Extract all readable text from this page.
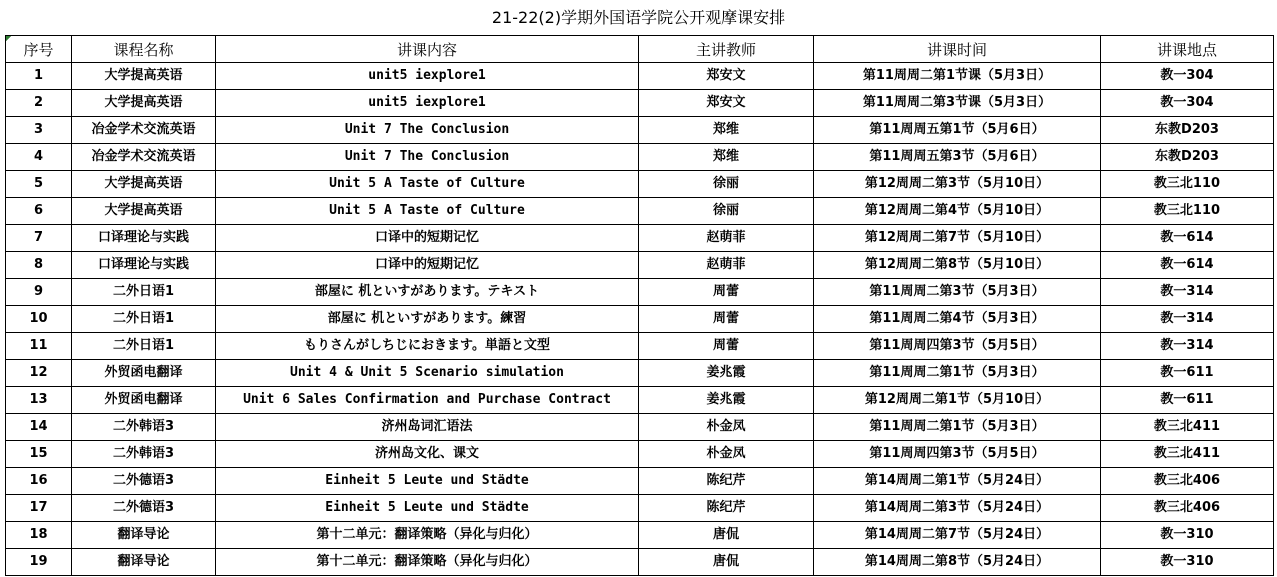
21-22(2)学期外国语学院公开观摩课安排
序号	课程名称	讲课内容	主讲教师	讲课时间	讲课地点

1	大学提高英语	unit5 iexplore1	郑安文	第11周周二第1节课（5月3日）	教一304

2	大学提高英语	unit5 iexplore1	郑安文	第11周周二第3节课（5月3日）	教一304

3	冶金学术交流英语	Unit 7 The Conclusion	郑维	第11周周五第1节（5月6日）	东教D203

4	冶金学术交流英语	Unit 7 The Conclusion	郑维	第11周周五第3节（5月6日）	东教D203

5	大学提高英语	Unit 5 A Taste of Culture	徐丽	第12周周二第3节（5月10日）	教三北110

6	大学提高英语	Unit 5 A Taste of Culture	徐丽	第12周周二第4节（5月10日）	教三北110

7	口译理论与实践	口译中的短期记忆	赵萌菲	第12周周二第7节（5月10日）	教一614

8	口译理论与实践	口译中的短期记忆	赵萌菲	第12周周二第8节（5月10日）	教一614

9	二外日语1	部屋に 机といすがあります。テキスト	周蕾	第11周周二第3节（5月3日）	教一314

10	二外日语1	部屋に 机といすがあります。練習	周蕾	第11周周二第4节（5月3日）	教一314

11	二外日语1	もりさんがしちじにおきます。単語と文型	周蕾	第11周周四第3节（5月5日）	教一314

12	外贸函电翻译	Unit 4 & Unit 5 Scenario simulation	姜兆霞	第11周周二第1节（5月3日）	教一611

13	外贸函电翻译	Unit 6 Sales Confirmation and Purchase Contract	姜兆霞	第12周周二第1节（5月10日）	教一611

14	二外韩语3	济州岛词汇语法	朴金凤	第11周周二第1节（5月3日）	教三北411

15	二外韩语3	济州岛文化、课文	朴金凤	第11周周四第3节（5月5日）	教三北411

16	二外德语3	Einheit 5 Leute und Städte	陈纪芹	第14周周二第1节（5月24日）	教三北406

17	二外德语3	Einheit 5 Leute und Städte	陈纪芹	第14周周二第3节（5月24日）	教三北406

18	翻译导论	第十二单元：翻译策略（异化与归化）	唐侃	第14周周二第7节（5月24日）	教一310

19	翻译导论	第十二单元：翻译策略（异化与归化）	唐侃	第14周周二第8节（5月24日）	教一310
